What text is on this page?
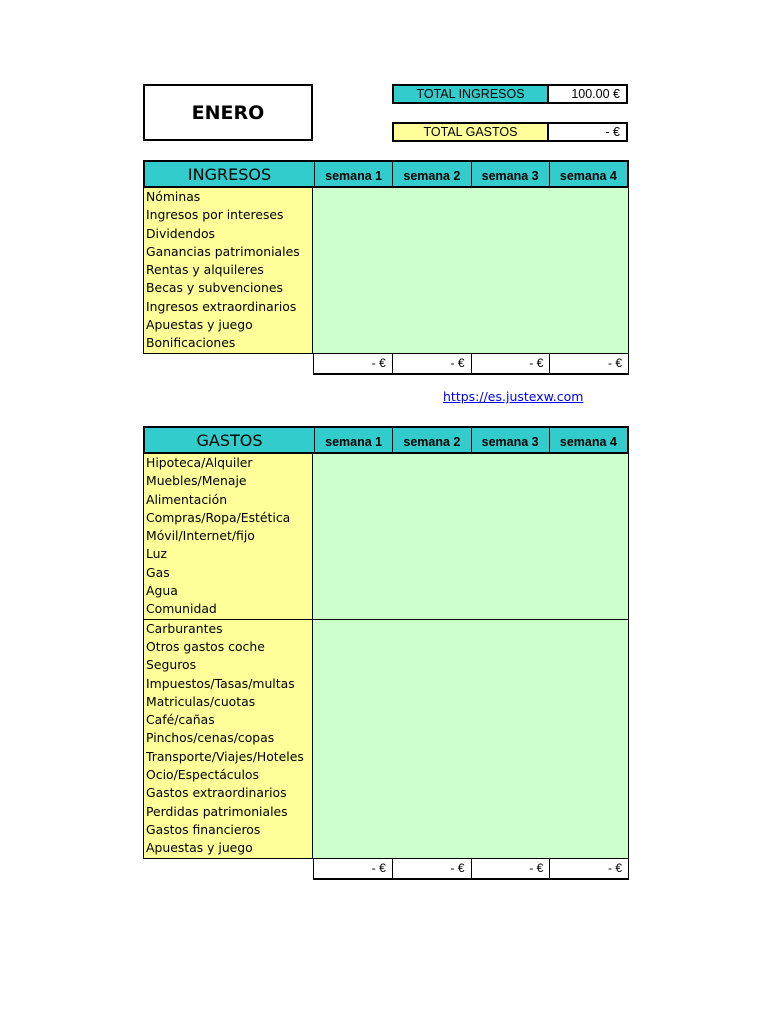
ENERO
TOTAL INGRESOS	100.00 €
TOTAL GASTOS	- €
INGRESOS	semana 1	semana 2	semana 3	semana 4
Nóminas
Ingresos por intereses
Dividendos
Ganancias patrimoniales
Rentas y alquileres
Becas y subvenciones
Ingresos extraordinarios
Apuestas y juego
Bonificaciones
- €	- €	- €	- €
https://es.justexw.com
GASTOS	semana 1	semana 2	semana 3	semana 4
Hipoteca/Alquiler
Muebles/Menaje
Alimentación
Compras/Ropa/Estética
Móvil/Internet/fijo
Luz
Gas
Agua
Comunidad
Carburantes
Otros gastos coche
Seguros
Impuestos/Tasas/multas
Matriculas/cuotas
Café/cañas
Pinchos/cenas/copas
Transporte/Viajes/Hoteles
Ocio/Espectáculos
Gastos extraordinarios
Perdidas patrimoniales
Gastos financieros
Apuestas y juego
- €	- €	- €	- €
